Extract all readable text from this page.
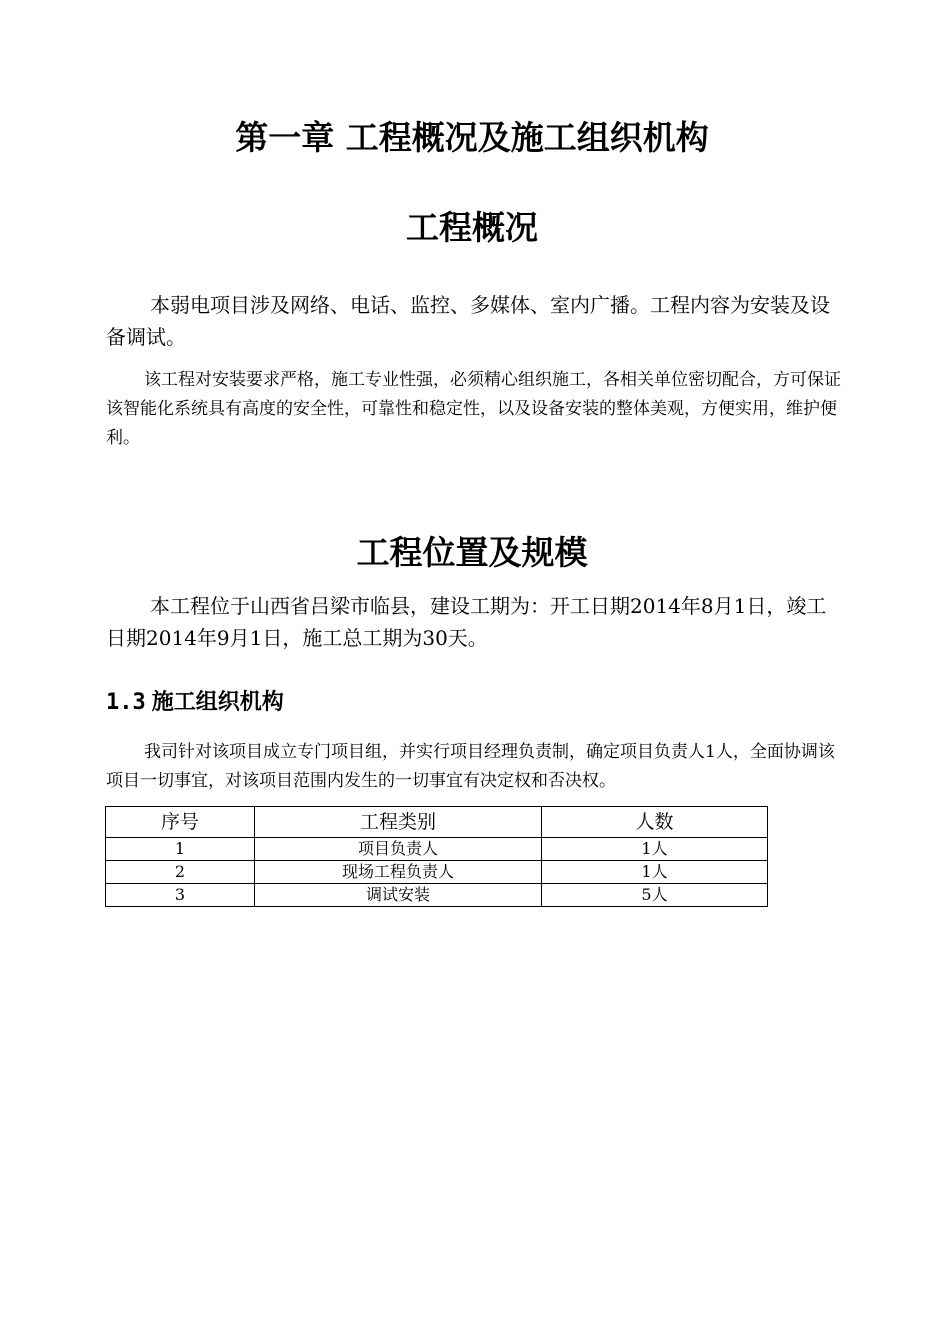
第一章 工程概况及施工组织机构
工程概况

本弱电项目涉及网络、电话、监控、多媒体、室内广播。工程内容为安装及设备调试。

该工程对安装要求严格，施工专业性强，必须精心组织施工，各相关单位密切配合，方可保证该智能化系统具有高度的安全性，可靠性和稳定性，以及设备安装的整体美观，方便实用，维护便利。

工程位置及规模

本工程位于山西省吕梁市临县，建设工期为：开工日期2014年8月1日，竣工日期2014年9月1日，施工总工期为30天。

1.3 施工组织机构

我司针对该项目成立专门项目组，并实行项目经理负责制，确定项目负责人1人，全面协调该项目一切事宜，对该项目范围内发生的一切事宜有决定权和否决权。

序号	工程类别	人数
1	项目负责人	1人
2	现场工程负责人	1人
3	调试安装	5人
